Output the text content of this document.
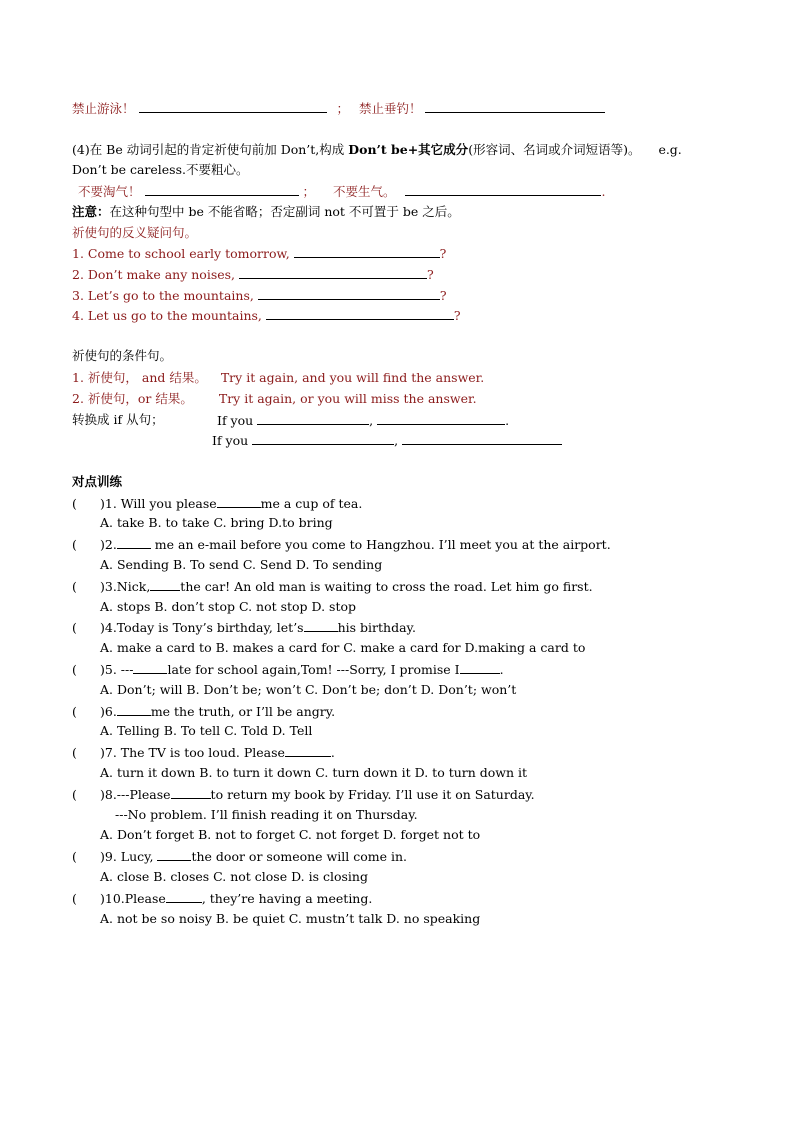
禁止游泳！	； 禁止垂钓！
(4)在 Be 动词引起的肯定祈使句前加 Don’t,构成 Don’t be+其它成分(形容词、名词或介词短语等)。 e.g.
Don’t be careless.不要粗心。
不要淘气！	； 不要生气。	.
注意：在这种句型中 be 不能省略；否定副词 not 不可置于 be 之后。
祈使句的反义疑问句。
1. Come to school early tomorrow,	?
2. Don’t make any noises,	?
3. Let’s go to the mountains,	?
4. Let us go to the mountains,	?
祈使句的条件句。
1. 祈使句， and 结果。 Try it again, and you will find the answer.
2. 祈使句，or 结果。 Try it again, or you will miss the answer.
转换成 if 从句；	If you	,	.
If you	,
对点训练
( )1. Will you please	me a cup of tea.
A. take B. to take C. bring D.to bring
( )2.	me an e-mail before you come to Hangzhou. I’ll meet you at the airport.
A. Sending B. To send C. Send D. To sending
( )3.Nick, the car! An old man is waiting to cross the road. Let him go first.
A. stops B. don’t stop C. not stop D. stop
( )4.Today is Tony’s birthday, let’s	his birthday.
A. make a card to B. makes a card for C. make a card for D.making a card to
( )5. ---	late for school again,Tom! ---Sorry, I promise I	.
A. Don’t; will B. Don’t be; won’t C. Don’t be; don’t D. Don’t; won’t
( )6.	me the truth, or I’ll be angry.
A. Telling B. To tell C. Told D. Tell
( )7. The TV is too loud. Please	.
A. turn it down B. to turn it down C. turn down it D. to turn down it
( )8.---Please	to return my book by Friday. I’ll use it on Saturday.
---No problem. I’ll finish reading it on Thursday.
A. Don’t forget B. not to forget C. not forget D. forget not to
( )9. Lucy,	the door or someone will come in.
A. close B. closes C. not close D. is closing
( )10.Please	, they’re having a meeting.
A. not be so noisy B. be quiet C. mustn’t talk D. no speaking
